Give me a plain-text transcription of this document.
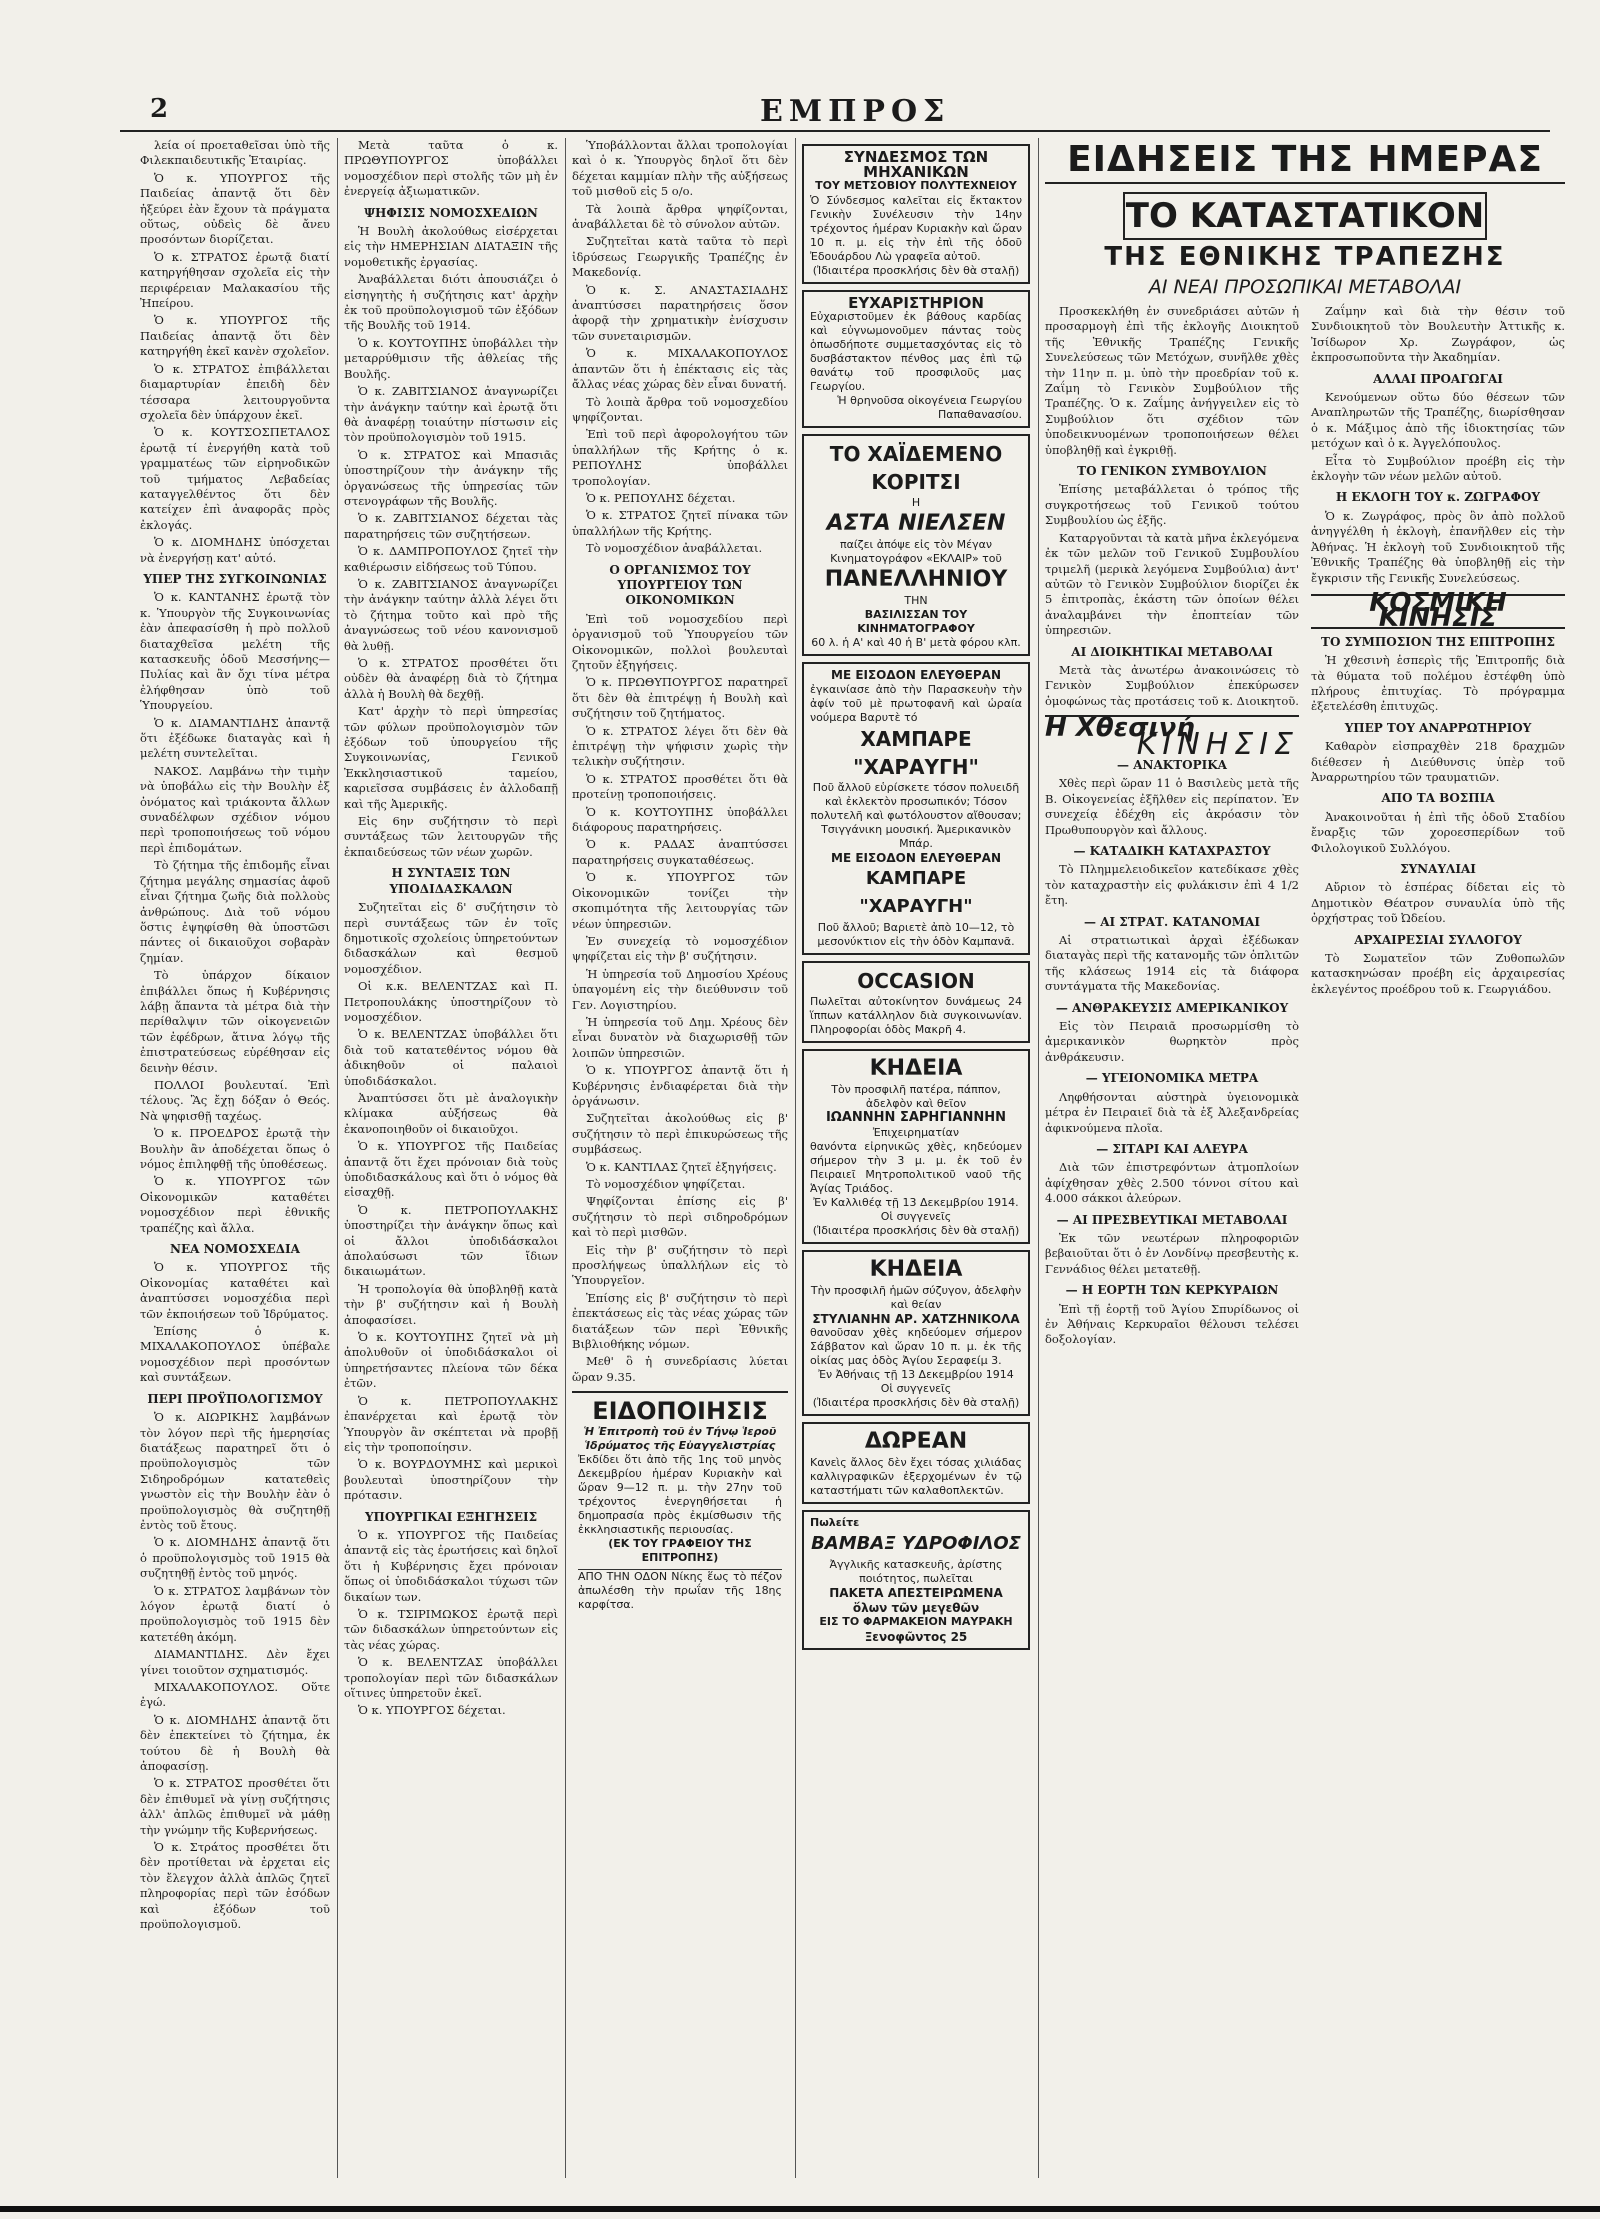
2	ΕΜΠΡΟΣ

λεία οί προεταθεῖσαι ὑπὸ τῆς Φιλεκπαιδευτικῆς Ἑταιρίας.

Ὁ κ. ΥΠΟΥΡΓΟΣ τῆς Παιδείας ἀπαντᾷ ὅτι δὲν ἠξεύρει ἐὰν ἔχουν τὰ πράγματα οὕτως, οὐδεὶς δὲ ἄνευ προσόντων διορίζεται.

Ὁ κ. ΣΤΡΑΤΟΣ ἐρωτᾷ διατί κατηργήθησαν σχολεῖα εἰς τὴν περιφέρειαν Μαλακασίου τῆς Ἠπείρου.

Ὁ κ. ΥΠΟΥΡΓΟΣ τῆς Παιδείας ἀπαντᾷ ὅτι δὲν κατηργήθη ἐκεῖ κανὲν σχολεῖον.

Ὁ κ. ΣΤΡΑΤΟΣ ἐπιβάλλεται διαμαρτυρίαν ἐπειδὴ δὲν τέσσαρα λειτουργοῦντα σχολεῖα δὲν ὑπάρχουν ἐκεῖ.

Ὁ κ. ΚΟΥΤΣΟΣΠΕΤΑΛΟΣ ἐρωτᾷ τί ἐνεργήθη κατὰ τοῦ γραμματέως τῶν εἰρηνοδικῶν τοῦ τμήματος Λεβαδείας καταγγελθέντος ὅτι δὲν κατείχεν ἐπὶ ἀναφορᾶς πρὸς ἐκλογάς.

Ὁ κ. ΔΙΟΜΗΔΗΣ ὑπόσχεται νὰ ἐνεργήσῃ κατ' αὐτό.

ΥΠΕΡ ΤΗΣ ΣΥΓΚΟΙΝΩΝΙΑΣ

Ὁ κ. ΚΑΝΤΑΝΗΣ ἐρωτᾷ τὸν κ. Ὑπουργὸν τῆς Συγκοινωνίας ἐὰν ἀπεφασίσθη ἡ πρὸ πολλοῦ διαταχθεῖσα μελέτη τῆς κατασκευῆς ὁδοῦ Μεσσήνης—Πυλίας καὶ ἂν ὄχι τίνα μέτρα ἐλήφθησαν ὑπὸ τοῦ Ὑπουργείου.

Ὁ κ. ΔΙΑΜΑΝΤΙΔΗΣ ἀπαντᾷ ὅτι ἐξέδωκε διαταγὰς καὶ ἡ μελέτη συντελεῖται.

ΝΑΚΟΣ. Λαμβάνω τὴν τιμὴν νὰ ὑποβάλω εἰς τὴν Βουλὴν ἐξ ὀνόματος καὶ τριάκοντα ἄλλων συναδέλφων σχέδιον νόμου περὶ τροποποιήσεως τοῦ νόμου περὶ ἐπιδομάτων.

Τὸ ζήτημα τῆς ἐπιδομῆς εἶναι ζήτημα μεγάλης σημασίας ἀφοῦ εἶναι ζήτημα ζωῆς διὰ πολλοὺς ἀνθρώπους. Διὰ τοῦ νόμου ὅστις ἐψηφίσθη θὰ ὑποστῶσι πάντες οἱ δικαιοῦχοι σοβαρὰν ζημίαν.

Τὸ ὑπάρχον δίκαιον ἐπιβάλλει ὅπως ἡ Κυβέρνησις λάβῃ ἅπαντα τὰ μέτρα διὰ τὴν περίθαλψιν τῶν οἰκογενειῶν τῶν ἐφέδρων, ἅτινα λόγῳ τῆς ἐπιστρατεύσεως εὑρέθησαν εἰς δεινὴν θέσιν.

ΠΟΛΛΟΙ βουλευταί. Ἐπὶ τέλους. Ἂς ἔχῃ δόξαν ὁ Θεός. Νὰ ψηφισθῇ ταχέως.

Ὁ κ. ΠΡΟΕΔΡΟΣ ἐρωτᾷ τὴν Βουλὴν ἂν ἀποδέχεται ὅπως ὁ νόμος ἐπιληφθῇ τῆς ὑποθέσεως.

Ὁ κ. ΥΠΟΥΡΓΟΣ τῶν Οἰκονομικῶν καταθέτει νομοσχέδιον περὶ ἐθνικῆς τραπέζης καὶ ἄλλα.

ΝΕΑ ΝΟΜΟΣΧΕΔΙΑ

Ὁ κ. ΥΠΟΥΡΓΟΣ τῆς Οἰκονομίας καταθέτει καὶ ἀναπτύσσει νομοσχέδια περὶ τῶν ἐκποιήσεων τοῦ Ἰδρύματος.

Ἐπίσης ὁ κ. ΜΙΧΑΛΑΚΟΠΟΥΛΟΣ ὑπέβαλε νομοσχέδιον περὶ προσόντων καὶ συντάξεων.

ΠΕΡΙ ΠΡΟΫΠΟΛΟΓΙΣΜΟΥ

Ὁ κ. ΑΙΩΡΙΚΗΣ λαμβάνων τὸν λόγον περὶ τῆς ἡμερησίας διατάξεως παρατηρεῖ ὅτι ὁ προϋπολογισμὸς τῶν Σιδηροδρόμων κατατεθεὶς γνωστὸν εἰς τὴν Βουλὴν ἐὰν ὁ προϋπολογισμὸς θὰ συζητηθῇ ἐντὸς τοῦ ἔτους.

Ὁ κ. ΔΙΟΜΗΔΗΣ ἀπαντᾷ ὅτι ὁ προϋπολογισμὸς τοῦ 1915 θὰ συζητηθῇ ἐντὸς τοῦ μηνός.

Ὁ κ. ΣΤΡΑΤΟΣ λαμβάνων τὸν λόγον ἐρωτᾷ διατί ὁ προϋπολογισμὸς τοῦ 1915 δὲν κατετέθη ἀκόμη.

ΔΙΑΜΑΝΤΙΔΗΣ. Δὲν ἔχει γίνει τοιοῦτον σχηματισμός.

ΜΙΧΑΛΑΚΟΠΟΥΛΟΣ. Οὕτε ἐγώ.

Ὁ κ. ΔΙΟΜΗΔΗΣ ἀπαντᾷ ὅτι δὲν ἐπεκτείνει τὸ ζήτημα, ἐκ τούτου δὲ ἡ Βουλὴ θὰ ἀποφασίσῃ.

Ὁ κ. ΣΤΡΑΤΟΣ προσθέτει ὅτι δὲν ἐπιθυμεῖ νὰ γίνῃ συζήτησις ἀλλ' ἀπλῶς ἐπιθυμεῖ νὰ μάθῃ τὴν γνώμην τῆς Κυβερνήσεως.

Ὁ κ. Στράτος προσθέτει ὅτι δὲν προτίθεται νὰ ἐρχεται εἰς τὸν ἔλεγχον ἀλλὰ ἀπλῶς ζητεῖ πληροφορίας περὶ τῶν ἐσόδων καὶ ἐξόδων τοῦ προϋπολογισμοῦ.

Μετὰ ταῦτα ὁ κ. ΠΡΩΘΥΠΟΥΡΓΟΣ ὑποβάλλει νομοσχέδιον περὶ στολῆς τῶν μὴ ἐν ἐνεργείᾳ ἀξιωματικῶν.

ΨΗΦΙΣΙΣ ΝΟΜΟΣΧΕΔΙΩΝ

Ἡ Βουλὴ ἀκολούθως εἰσέρχεται εἰς τὴν ΗΜΕΡΗΣΙΑΝ ΔΙΑΤΑΞΙΝ τῆς νομοθετικῆς ἐργασίας.

Ἀναβάλλεται διότι ἀπουσιάζει ὁ εἰσηγητὴς ἡ συζήτησις κατ' ἀρχὴν ἐκ τοῦ προϋπολογισμοῦ τῶν ἐξόδων τῆς Βουλῆς τοῦ 1914.

Ὁ κ. ΚΟΥΤΟΥΠΗΣ ὑποβάλλει τὴν μεταρρύθμισιν τῆς ἀθλείας τῆς Βουλῆς.

Ὁ κ. ΖΑΒΙΤΣΙΑΝΟΣ ἀναγνωρίζει τὴν ἀνάγκην ταύτην καὶ ἐρωτᾷ ὅτι θὰ ἀναφέρῃ τοιαύτην πίστωσιν εἰς τὸν προϋπολογισμὸν τοῦ 1915.

Ὁ κ. ΣΤΡΑΤΟΣ καὶ Μπασιᾶς ὑποστηρίζουν τὴν ἀνάγκην τῆς ὀργανώσεως τῆς ὑπηρεσίας τῶν στενογράφων τῆς Βουλῆς.

Ὁ κ. ΖΑΒΙΤΣΙΑΝΟΣ δέχεται τὰς παρατηρήσεις τῶν συζητήσεων.

Ὁ κ. ΔΑΜΠΡΟΠΟΥΛΟΣ ζητεῖ τὴν καθιέρωσιν εἰδήσεως τοῦ Τύπου.

Ὁ κ. ΖΑΒΙΤΣΙΑΝΟΣ ἀναγνωρίζει τὴν ἀνάγκην ταύτην ἀλλὰ λέγει ὅτι τὸ ζήτημα τοῦτο καὶ πρὸ τῆς ἀναγνώσεως τοῦ νέου κανονισμοῦ θὰ λυθῇ.

Ὁ κ. ΣΤΡΑΤΟΣ προσθέτει ὅτι οὐδὲν θὰ ἀναφέρῃ διὰ τὸ ζήτημα ἀλλὰ ἡ Βουλὴ θὰ δεχθῇ.

Κατ' ἀρχὴν τὸ περὶ ὑπηρεσίας τῶν φύλων προϋπολογισμὸν τῶν ἐξόδων τοῦ ὑπουργείου τῆς Συγκοινωνίας, Γενικοῦ Ἐκκλησιαστικοῦ ταμείου, καριεῖσσα συμβάσεις ἐν ἀλλοδαπῇ καὶ τῆς Ἀμερικῆς.

Εἰς 6ην συζήτησιν τὸ περὶ συντάξεως τῶν λειτουργῶν τῆς ἐκπαιδεύσεως τῶν νέων χωρῶν.

Η ΣΥΝΤΑΞΙΣ ΤΩΝ ΥΠΟΔΙΔΑΣΚΑΛΩΝ

Συζητεῖται εἰς δ' συζήτησιν τὸ περὶ συντάξεως τῶν ἐν τοῖς δημοτικοῖς σχολείοις ὑπηρετούντων διδασκάλων καὶ θεσμοῦ νομοσχέδιον.

Οἱ κ.κ. ΒΕΛΕΝΤΖΑΣ καὶ Π. Πετροπουλάκης ὑποστηρίζουν τὸ νομοσχέδιον.

Ὁ κ. ΒΕΛΕΝΤΖΑΣ ὑποβάλλει ὅτι διὰ τοῦ κατατεθέντος νόμου θὰ ἀδικηθοῦν οἱ παλαιοὶ ὑποδιδάσκαλοι.

Ἀναπτύσσει ὅτι μὲ ἀναλογικὴν κλίμακα αὐξήσεως θὰ ἐκανοποιηθοῦν οἱ δικαιοῦχοι.

Ὁ κ. ΥΠΟΥΡΓΟΣ τῆς Παιδείας ἀπαντᾷ ὅτι ἔχει πρόνοιαν διὰ τοὺς ὑποδιδασκάλους καὶ ὅτι ὁ νόμος θὰ εἰσαχθῇ.

Ὁ κ. ΠΕΤΡΟΠΟΥΛΑΚΗΣ ὑποστηρίζει τὴν ἀνάγκην ὅπως καὶ οἱ ἄλλοι ὑποδιδάσκαλοι ἀπολαύσωσι τῶν ἴδιων δικαιωμάτων.

Ἡ τροπολογία θὰ ὑποβληθῇ κατὰ τὴν β' συζήτησιν καὶ ἡ Βουλὴ ἀποφασίσει.

Ὁ κ. ΚΟΥΤΟΥΠΗΣ ζητεῖ νὰ μὴ ἀπολυθοῦν οἱ ὑποδιδάσκαλοι οἱ ὑπηρετήσαντες πλείονα τῶν δέκα ἐτῶν.

Ὁ κ. ΠΕΤΡΟΠΟΥΛΑΚΗΣ ἐπανέρχεται καὶ ἐρωτᾷ τὸν Ὑπουργὸν ἂν σκέπτεται νὰ προβῇ εἰς τὴν τροποποίησιν.

Ὁ κ. ΒΟΥΡΔΟΥΜΗΣ καὶ μερικοὶ βουλευταὶ ὑποστηρίζουν τὴν πρότασιν.

ΥΠΟΥΡΓΙΚΑΙ ΕΞΗΓΗΣΕΙΣ

Ὁ κ. ΥΠΟΥΡΓΟΣ τῆς Παιδείας ἀπαντᾷ εἰς τὰς ἐρωτήσεις καὶ δηλοῖ ὅτι ἡ Κυβέρνησις ἔχει πρόνοιαν ὅπως οἱ ὑποδιδάσκαλοι τύχωσι τῶν δικαίων των.

Ὁ κ. ΤΣΙΡΙΜΩΚΟΣ ἐρωτᾷ περὶ τῶν διδασκάλων ὑπηρετούντων εἰς τὰς νέας χώρας.

Ὁ κ. ΒΕΛΕΝΤΖΑΣ ὑποβάλλει τροπολογίαν περὶ τῶν διδασκάλων οἵτινες ὑπηρετοῦν ἐκεῖ.

Ὁ κ. ΥΠΟΥΡΓΟΣ δέχεται.

Ὑποβάλλονται ἄλλαι τροπολογίαι καὶ ὁ κ. Ὑπουργὸς δηλοῖ ὅτι δὲν δέχεται καμμίαν πλὴν τῆς αὐξήσεως τοῦ μισθοῦ εἰς 5 ο/ο.

Τὰ λοιπὰ ἄρθρα ψηφίζονται, ἀναβάλλεται δὲ τὸ σύνολον αὐτῶν.

Συζητεῖται κατὰ ταῦτα τὸ περὶ ἰδρύσεως Γεωργικῆς Τραπέζης ἐν Μακεδονίᾳ.

Ὁ κ. Σ. ΑΝΑΣΤΑΣΙΑΔΗΣ ἀναπτύσσει παρατηρήσεις ὅσον ἀφορᾷ τὴν χρηματικὴν ἐνίσχυσιν τῶν συνεταιρισμῶν.

Ὁ κ. ΜΙΧΑΛΑΚΟΠΟΥΛΟΣ ἀπαντῶν ὅτι ἡ ἐπέκτασις εἰς τὰς ἄλλας νέας χώρας δὲν εἶναι δυνατή.

Τὸ λοιπὰ ἄρθρα τοῦ νομοσχεδίου ψηφίζονται.

Ἐπὶ τοῦ περὶ ἀφορολογήτου τῶν ὑπαλλήλων τῆς Κρήτης ὁ κ. ΡΕΠΟΥΛΗΣ ὑποβάλλει τροπολογίαν.

Ὁ κ. ΡΕΠΟΥΛΗΣ δέχεται.

Ὁ κ. ΣΤΡΑΤΟΣ ζητεῖ πίνακα τῶν ὑπαλλήλων τῆς Κρήτης.

Τὸ νομοσχέδιον ἀναβάλλεται.

Ο ΟΡΓΑΝΙΣΜΟΣ ΤΟΥ ΥΠΟΥΡΓΕΙΟΥ ΤΩΝ ΟΙΚΟΝΟΜΙΚΩΝ

Ἐπὶ τοῦ νομοσχεδίου περὶ ὀργανισμοῦ τοῦ Ὑπουργείου τῶν Οἰκονομικῶν, πολλοὶ βουλευταὶ ζητοῦν ἐξηγήσεις.

Ὁ κ. ΠΡΩΘΥΠΟΥΡΓΟΣ παρατηρεῖ ὅτι δὲν θὰ ἐπιτρέψῃ ἡ Βουλὴ καὶ συζήτησιν τοῦ ζητήματος.

Ὁ κ. ΣΤΡΑΤΟΣ λέγει ὅτι δὲν θὰ ἐπιτρέψῃ τὴν ψήφισιν χωρὶς τὴν τελικὴν συζήτησιν.

Ὁ κ. ΣΤΡΑΤΟΣ προσθέτει ὅτι θὰ προτείνῃ τροποποιήσεις.

Ὁ κ. ΚΟΥΤΟΥΠΗΣ ὑποβάλλει διάφορους παρατηρήσεις.

Ὁ κ. ΡΑΔΑΣ ἀναπτύσσει παρατηρήσεις συγκαταθέσεως.

Ὁ κ. ΥΠΟΥΡΓΟΣ τῶν Οἰκονομικῶν τονίζει τὴν σκοπιμότητα τῆς λειτουργίας τῶν νέων ὑπηρεσιῶν.

Ἐν συνεχείᾳ τὸ νομοσχέδιον ψηφίζεται εἰς τὴν β' συζήτησιν.

Ἡ ὑπηρεσία τοῦ Δημοσίου Χρέους ὑπαγομένη εἰς τὴν διεύθυνσιν τοῦ Γεν. Λογιστηρίου.

Ἡ ὑπηρεσία τοῦ Δημ. Χρέους δὲν εἶναι δυνατὸν νὰ διαχωρισθῇ τῶν λοιπῶν ὑπηρεσιῶν.

Ὁ κ. ΥΠΟΥΡΓΟΣ ἀπαντᾷ ὅτι ἡ Κυβέρνησις ἐνδιαφέρεται διὰ τὴν ὀργάνωσιν.

Συζητεῖται ἀκολούθως εἰς β' συζήτησιν τὸ περὶ ἐπικυρώσεως τῆς συμβάσεως.

Ὁ κ. ΚΑΝΤΙΛΑΣ ζητεῖ ἐξηγήσεις.

Τὸ νομοσχέδιον ψηφίζεται.

Ψηφίζονται ἐπίσης εἰς β' συζήτησιν τὸ περὶ σιδηροδρόμων καὶ τὸ περὶ μισθῶν.

Εἰς τὴν β' συζήτησιν τὸ περὶ προσλήψεως ὑπαλλήλων εἰς τὸ Ὑπουργεῖον.

Ἐπίσης εἰς β' συζήτησιν τὸ περὶ ἐπεκτάσεως εἰς τὰς νέας χώρας τῶν διατάξεων τῶν περὶ Ἐθνικῆς Βιβλιοθήκης νόμων.

Μεθ' ὃ ἡ συνεδρίασις λύεται ὥραν 9.35.

ΕΙΔΟΠΟΙΗΣΙΣ
Ἡ Ἐπιτροπὴ τοῦ ἐν Τήνῳ Ἱεροῦ Ἱδρύματος τῆς Εὐαγγελιστρίας
Ἐκδίδει ὅτι ἀπὸ τῆς 1ης τοῦ μηνὸς Δεκεμβρίου ἡμέραν Κυριακὴν καὶ ὥραν 9—12 π. μ. τὴν 27ην τοῦ τρέχοντος ἐνεργηθήσεται ἡ δημοπρασία πρὸς ἐκμίσθωσιν τῆς ἐκκλησιαστικῆς περιουσίας.
(ΕΚ ΤΟΥ ΓΡΑΦΕΙΟΥ ΤΗΣ ΕΠΙΤΡΟΠΗΣ)
ΑΠΟ ΤΗΝ ΟΔΟΝ Νίκης ἕως τὸ πέζον ἀπωλέσθη τὴν πρωΐαν τῆς 18ης καρφίτσα.
ΣΥΝΔΕΣΜΟΣ ΤΩΝ ΜΗΧΑΝΙΚΩΝ
ΤΟΥ ΜΕΤΣΟΒΙΟΥ ΠΟΛΥΤΕΧΝΕΙΟΥ
Ὁ Σύνδεσμος καλεῖται εἰς ἔκτακτον Γενικὴν Συνέλευσιν τὴν 14ην τρέχοντος ἡμέραν Κυριακὴν καὶ ὥραν 10 π. μ. εἰς τὴν ἐπὶ τῆς ὁδοῦ Ἐδουάρδου Λὼ γραφεῖα αὐτοῦ.
(Ἰδιαιτέρα προσκλήσις δὲν θὰ σταλῇ)
ΕΥΧΑΡΙΣΤΗΡΙΟΝ
Εὐχαριστοῦμεν ἐκ βάθους καρδίας καὶ εὐγνωμονοῦμεν πάντας τοὺς ὁπωσδήποτε συμμετασχόντας εἰς τὸ δυσβάστακτον πένθος μας ἐπὶ τῷ θανάτῳ τοῦ προσφιλοῦς μας Γεωργίου.
Ἡ θρηνοῦσα οἰκογένεια Γεωργίου Παπαθανασίου.
ΤΟ ΧΑΪΔΕΜΕΝΟ ΚΟΡΙΤΣΙ
Η
ΑΣΤΑ ΝΙΕΛΣΕΝ
παίζει ἀπόψε εἰς τὸν Μέγαν Κινηματογράφον «ΕΚΛΑΙΡ» τοῦ
ΠΑΝΕΛΛΗΝΙΟΥ
ΤΗΝ
ΒΑΣΙΛΙΣΣΑΝ ΤΟΥ ΚΙΝΗΜΑΤΟΓΡΑΦΟΥ
60 λ. ἡ Α' καὶ 40 ἡ Β' μετὰ φόρου κλπ.
ΜΕ ΕΙΣΟΔΟΝ ΕΛΕΥΘΕΡΑΝ
ἐγκαινίασε ἀπὸ τὴν Παρασκευὴν τὴν ἀφίν τοῦ μὲ πρωτοφανῆ καὶ ὡραία νούμερα Βαρυτὲ τό
ΧΑΜΠΑΡΕ "ΧΑΡΑΥΓΗ"
Ποῦ ἄλλοῦ εὑρίσκετε τόσον πολυειδῆ καὶ ἐκλεκτὸν προσωπικόν; Τόσον πολυτελῆ καὶ φωτόλουστον αἴθουσαν; Τσιγγάνικη μουσική. Ἀμερικανικὸν Μπάρ.
ΜΕ ΕΙΣΟΔΟΝ ΕΛΕΥΘΕΡΑΝ
ΚΑΜΠΑΡΕ "ΧΑΡΑΥΓΗ"
Ποῦ ἄλλοῦ; Βαριετὲ ἀπὸ 10—12, τὸ μεσονύκτιον εἰς τὴν ὁδὸν Καμπανᾶ.
OCCASION
Πωλεῖται αὐτοκίνητον δυνάμεως 24 ἵππων κατάλληλον διὰ συγκοινωνίαν. Πληροφορίαι ὁδὸς Μακρῆ 4.
ΚΗΔΕΙΑ
Τὸν προσφιλῆ πατέρα, πάππον, ἀδελφὸν καὶ θεῖον
ΙΩΑΝΝΗΝ ΣΑΡΗΓΙΑΝΝΗΝ
Ἐπιχειρηματίαν
θανόντα εἰρηνικῶς χθὲς, κηδεύομεν σήμερον τὴν 3 μ. μ. ἐκ τοῦ ἐν Πειραιεῖ Μητροπολιτικοῦ ναοῦ τῆς Ἁγίας Τριάδος.
Ἐν Καλλιθέᾳ τῇ 13 Δεκεμβρίου 1914.
Οἱ συγγενεῖς
(Ἰδιαιτέρα προσκλήσις δὲν θὰ σταλῇ)
ΚΗΔΕΙΑ
Τὴν προσφιλῆ ἡμῶν σύζυγον, ἀδελφὴν καὶ θείαν
ΣΤΥΛΙΑΝΗΝ ΑΡ. ΧΑΤΖΗΝΙΚΟΛΑ
θανοῦσαν χθὲς κηδεύομεν σήμερον Σάββατον καὶ ὥραν 10 π. μ. ἐκ τῆς οἰκίας μας ὁδὸς Ἀγίου Σεραφείμ 3.
Ἐν Ἀθήναις τῇ 13 Δεκεμβρίου 1914
Οἱ συγγενεῖς
(Ἰδιαιτέρα προσκλήσις δὲν θὰ σταλῇ)
ΔΩΡΕΑΝ
Κανεὶς ἄλλος δὲν ἔχει τόσας χιλιάδας καλλιγραφικῶν ἐξερχομένων ἐν τῷ καταστήματι τῶν καλαθοπλεκτῶν.
Πωλείτε
ΒΑΜΒΑΞ ΥΔΡΟΦΙΛΟΣ
Ἀγγλικῆς κατασκευῆς, ἀρίστης ποιότητος, πωλεῖται
ΠΑΚΕΤΑ ΑΠΕΣΤΕΙΡΩΜΕΝΑ ὅλων τῶν μεγεθῶν
ΕΙΣ ΤΟ ΦΑΡΜΑΚΕΙΟΝ ΜΑΥΡΑΚΗ
Ξενοφῶντος 25
ΕΙΔΗΣΕΙΣ ΤΗΣ ΗΜΕΡΑΣ
ΤΟ ΚΑΤΑΣΤΑΤΙΚΟΝ
ΤΗΣ ΕΘΝΙΚΗΣ ΤΡΑΠΕΖΗΣ
ΑΙ ΝΕΑΙ ΠΡΟΣΩΠΙΚΑΙ ΜΕΤΑΒΟΛΑΙ

Προσκεκλήθη ἐν συνεδριάσει αὐτῶν ἡ προσαρμογὴ ἐπὶ τῆς ἐκλογῆς Διοικητοῦ τῆς Ἐθνικῆς Τραπέζης Γενικῆς Συνελεύσεως τῶν Μετόχων, συνῆλθε χθὲς τὴν 11ην π. μ. ὑπὸ τὴν προεδρίαν τοῦ κ. Ζαΐμη τὸ Γενικὸν Συμβούλιον τῆς Τραπέζης. Ὁ κ. Ζαΐμης ἀνήγγειλεν εἰς τὸ Συμβούλιον ὅτι σχέδιον τῶν ὑποδεικνυομένων τροποποιήσεων θέλει ὑποβληθῇ καὶ ἐγκριθῇ.

ΤΟ ΓΕΝΙΚΟΝ ΣΥΜΒΟΥΛΙΟΝ

Ἐπίσης μεταβάλλεται ὁ τρόπος τῆς συγκροτήσεως τοῦ Γενικοῦ τούτου Συμβουλίου ὡς ἑξῆς.

Καταργοῦνται τὰ κατὰ μῆνα ἐκλεγόμενα ἐκ τῶν μελῶν τοῦ Γενικοῦ Συμβουλίου τριμελῆ (μερικὰ λεγόμενα Συμβούλια) ἀντ' αὐτῶν τὸ Γενικὸν Συμβούλιον διορίζει ἐκ 5 ἐπιτροπὰς, ἑκάστη τῶν ὁποίων θέλει ἀναλαμβάνει τὴν ἐποπτείαν τῶν ὑπηρεσιῶν.

ΑΙ ΔΙΟΙΚΗΤΙΚΑΙ ΜΕΤΑΒΟΛΑΙ

Μετὰ τὰς ἀνωτέρω ἀνακοινώσεις τὸ Γενικὸν Συμβούλιον ἐπεκύρωσεν ὁμοφώνως τὰς προτάσεις τοῦ κ. Διοικητοῦ.

Η Χθεσινή
ΚΙΝΗΣΙΣ
— ΑΝΑΚΤΟΡΙΚΑ

Χθὲς περὶ ὥραν 11 ὁ Βασιλεὺς μετὰ τῆς Β. Οἰκογενείας ἐξῆλθεν εἰς περίπατον. Ἐν συνεχείᾳ ἐδέχθη εἰς ἀκρόασιν τὸν Πρωθυπουργὸν καὶ ἄλλους.

— ΚΑΤΑΔΙΚΗ ΚΑΤΑΧΡΑΣΤΟΥ

Τὸ Πλημμελειοδικεῖον κατεδίκασε χθὲς τὸν καταχραστὴν εἰς φυλάκισιν ἐπὶ 4 1/2 ἔτη.

— ΑΙ ΣΤΡΑΤ. ΚΑΤΑΝΟΜΑΙ

Αἱ στρατιωτικαὶ ἀρχαὶ ἐξέδωκαν διαταγὰς περὶ τῆς κατανομῆς τῶν ὁπλιτῶν τῆς κλάσεως 1914 εἰς τὰ διάφορα συντάγματα τῆς Μακεδονίας.

— ΑΝΘΡΑΚΕΥΣΙΣ ΑΜΕΡΙΚΑΝΙΚΟΥ

Εἰς τὸν Πειραιᾶ προσωρμίσθη τὸ ἀμερικανικὸν θωρηκτὸν πρὸς ἀνθράκευσιν.

— ΥΓΕΙΟΝΟΜΙΚΑ ΜΕΤΡΑ

Ληφθήσονται αὐστηρὰ ὑγειονομικὰ μέτρα ἐν Πειραιεῖ διὰ τὰ ἐξ Ἀλεξανδρείας ἀφικνούμενα πλοῖα.

— ΣΙΤΑΡΙ ΚΑΙ ΑΛΕΥΡΑ

Διὰ τῶν ἐπιστρεφόντων ἀτμοπλοίων ἀφίχθησαν χθὲς 2.500 τόννοι σίτου καὶ 4.000 σάκκοι ἀλεύρων.

— ΑΙ ΠΡΕΣΒΕΥΤΙΚΑΙ ΜΕΤΑΒΟΛΑΙ

Ἐκ τῶν νεωτέρων πληροφοριῶν βεβαιοῦται ὅτι ὁ ἐν Λονδίνῳ πρεσβευτὴς κ. Γεννάδιος θέλει μετατεθῇ.

— Η ΕΟΡΤΗ ΤΩΝ ΚΕΡΚΥΡΑΙΩΝ

Ἐπὶ τῇ ἑορτῇ τοῦ Ἁγίου Σπυρίδωνος οἱ ἐν Ἀθήναις Κερκυραῖοι θέλουσι τελέσει δοξολογίαν.

Ζαΐμην καὶ διὰ τὴν θέσιν τοῦ Συνδιοικητοῦ τὸν Βουλευτὴν Ἀττικῆς κ. Ἰσίδωρον Χρ. Ζωγράφον, ὡς ἐκπροσωποῦντα τὴν Ἀκαδημίαν.

ΑΛΛΑΙ ΠΡΟΑΓΩΓΑΙ

Κενούμενων οὕτω δύο θέσεων τῶν Αναπληρωτῶν τῆς Τραπέζης, διωρίσθησαν ὁ κ. Μάξιμος ἀπὸ τῆς ἰδιοκτησίας τῶν μετόχων καὶ ὁ κ. Ἀγγελόπουλος.

Εἶτα τὸ Συμβούλιον προέβη εἰς τὴν ἐκλογὴν τῶν νέων μελῶν αὐτοῦ.

Η ΕΚΛΟΓΗ ΤΟΥ κ. ΖΩΓΡΑΦΟΥ

Ὁ κ. Ζωγράφος, πρὸς ὃν ἀπὸ πολλοῦ ἀνηγγέλθη ἡ ἐκλογὴ, ἐπανῆλθεν εἰς τὴν Ἀθήνας. Ἡ ἐκλογὴ τοῦ Συνδιοικητοῦ τῆς Ἐθνικῆς Τραπέζης θὰ ὑποβληθῇ εἰς τὴν ἔγκρισιν τῆς Γενικῆς Συνελεύσεως.

ΚΟΣΜΙΚΗ ΚΙΝΗΣΙΣ
ΤΟ ΣΥΜΠΟΣΙΟΝ ΤΗΣ ΕΠΙΤΡΟΠΗΣ

Ἡ χθεσινὴ ἑσπερὶς τῆς Ἐπιτροπῆς διὰ τὰ θύματα τοῦ πολέμου ἐστέφθη ὑπὸ πλήρους ἐπιτυχίας. Τὸ πρόγραμμα ἐξετελέσθη ἐπιτυχῶς.

ΥΠΕΡ ΤΟΥ ΑΝΑΡΡΩΤΗΡΙΟΥ

Καθαρὸν εἰσπραχθὲν 218 δραχμῶν διέθεσεν ἡ Διεύθυνσις ὑπὲρ τοῦ Ἀναρρωτηρίου τῶν τραυματιῶν.

ΑΠΟ ΤΑ ΒΟΣΠΙΑ

Ἀνακοινοῦται ἡ ἐπὶ τῆς ὁδοῦ Σταδίου ἔναρξις τῶν χοροεσπερίδων τοῦ Φιλολογικοῦ Συλλόγου.

ΣΥΝΑΥΛΙΑΙ

Αὔριον τὸ ἑσπέρας δίδεται εἰς τὸ Δημοτικὸν Θέατρον συναυλία ὑπὸ τῆς ὀρχήστρας τοῦ Ὠδείου.

ΑΡΧΑΙΡΕΣΙΑΙ ΣΥΛΛΟΓΟΥ

Τὸ Σωματεῖον τῶν Ζυθοπωλῶν κατασκηνώσαν προέβη εἰς ἀρχαιρεσίας ἐκλεγέντος προέδρου τοῦ κ. Γεωργιάδου.
